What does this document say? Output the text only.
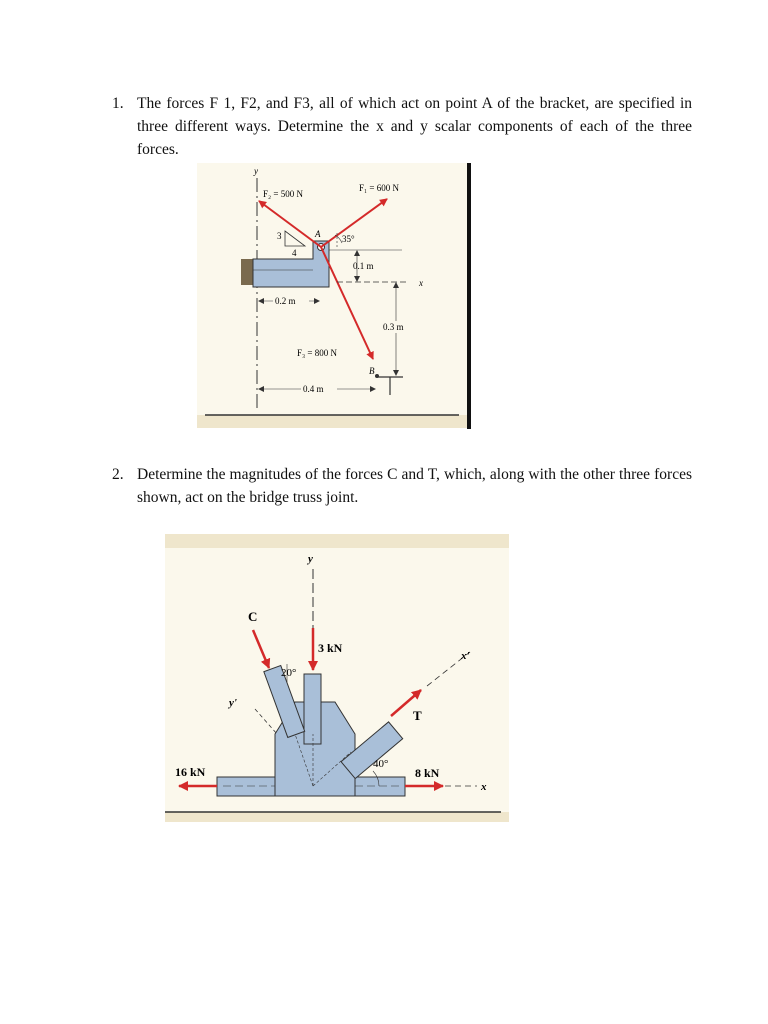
1. The forces F 1, F2, and F3, all of which act on point A of the bracket, are specified in three different ways. Determine the x and y scalar components of each of the three forces.
y
3
4
A
F₂ = 500 N
F₁ = 600 N
F₃ = 800 N
35°
x
0.1 m
0.2 m
0.3 m
B
0.4 m
2. Determine the magnitudes of the forces C and T, which, along with the other three forces shown, act on the bridge truss joint.
y
y'
x'
x
C
3 kN
T
16 kN	8 kN
20°
40°
